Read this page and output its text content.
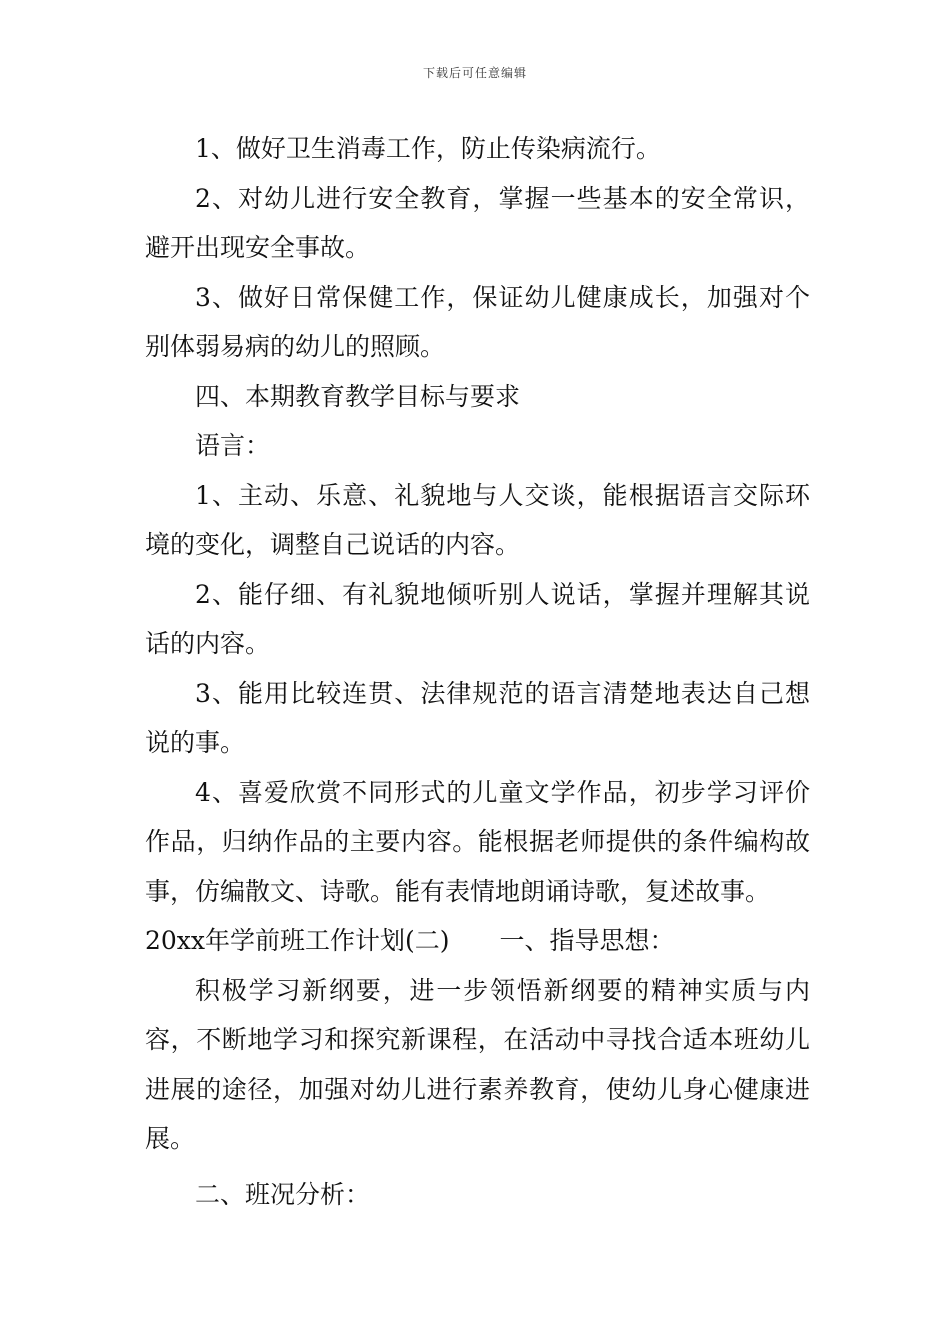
下载后可任意编辑

1、做好卫生消毒工作，防止传染病流行。

2、对幼儿进行安全教育，掌握一些基本的安全常识，避开出现安全事故。

3、做好日常保健工作，保证幼儿健康成长，加强对个别体弱易病的幼儿的照顾。

四、本期教育教学目标与要求

语言：

1、主动、乐意、礼貌地与人交谈，能根据语言交际环境的变化，调整自己说话的内容。

2、能仔细、有礼貌地倾听别人说话，掌握并理解其说话的内容。

3、能用比较连贯、法律规范的语言清楚地表达自己想说的事。

4、喜爱欣赏不同形式的儿童文学作品，初步学习评价作品，归纳作品的主要内容。能根据老师提供的条件编构故事，仿编散文、诗歌。能有表情地朗诵诗歌，复述故事。

20xx年学前班工作计划(二)　　一、指导思想：

积极学习新纲要，进一步领悟新纲要的精神实质与内容，不断地学习和探究新课程，在活动中寻找合适本班幼儿进展的途径，加强对幼儿进行素养教育，使幼儿身心健康进展。

二、班况分析：
